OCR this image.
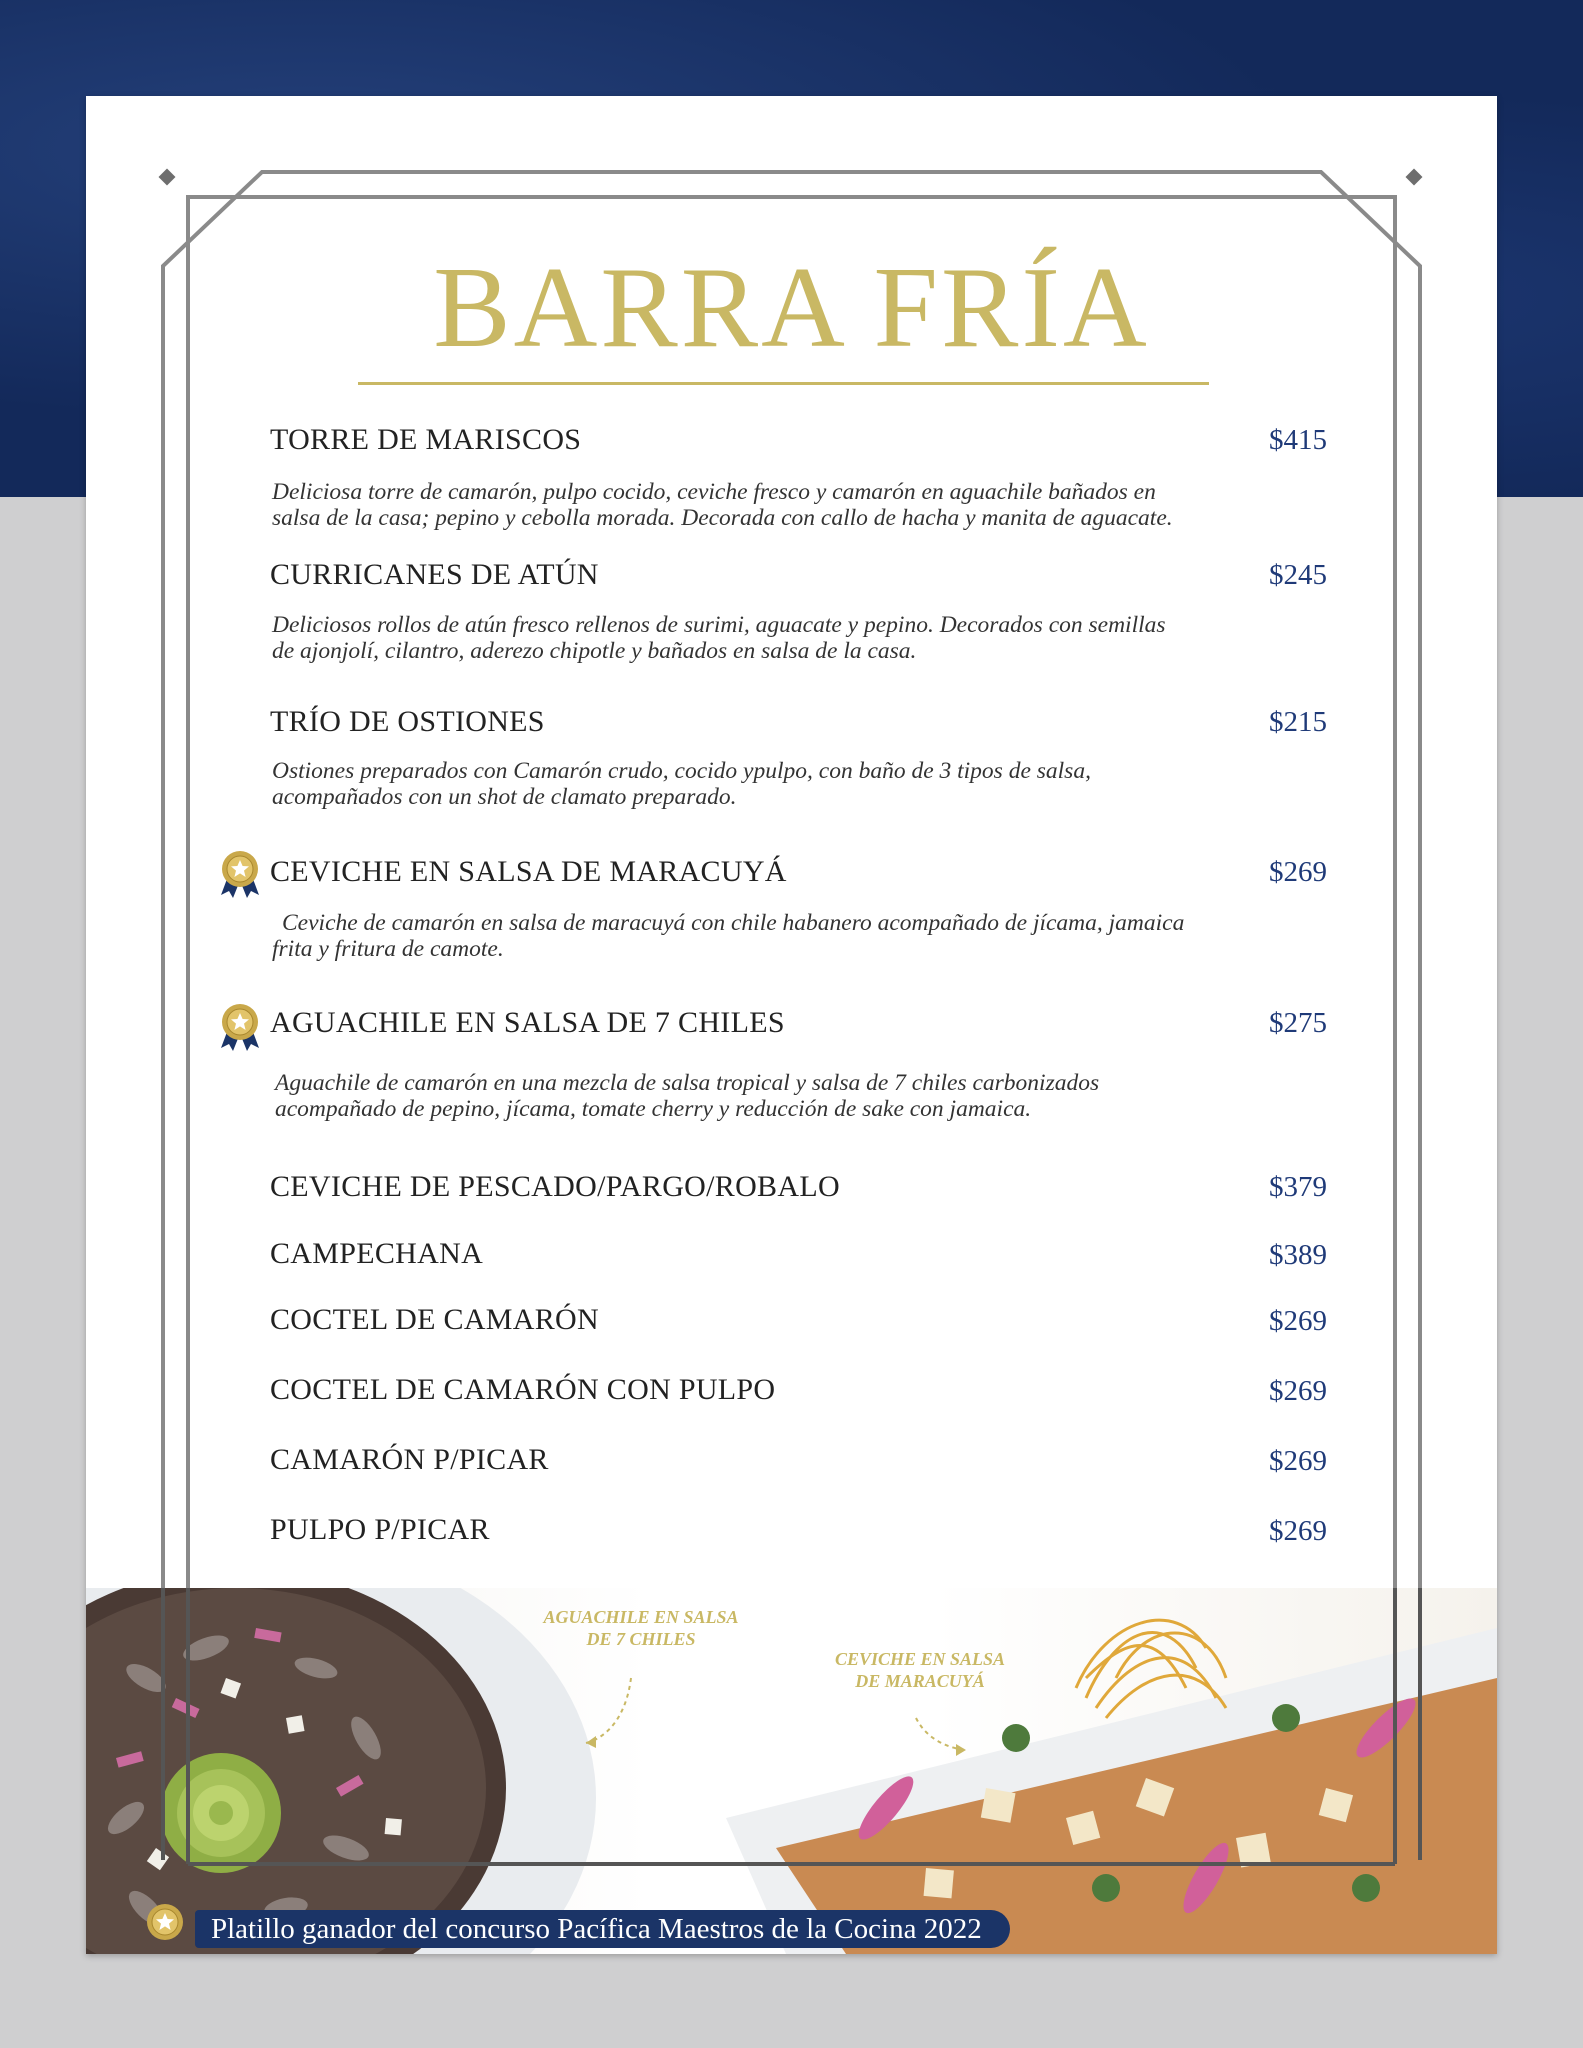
BARRA FRÍA
TORRE DE MARISCOS	$415
Deliciosa torre de camarón, pulpo cocido, ceviche fresco y camarón en aguachile bañados en
salsa de la casa; pepino y cebolla morada. Decorada con callo de hacha y manita de aguacate.
CURRICANES DE ATÚN	$245
Deliciosos rollos de atún fresco rellenos de surimi, aguacate y pepino. Decorados con semillas
de ajonjolí, cilantro, aderezo chipotle y bañados en salsa de la casa.
TRÍO DE OSTIONES	$215
Ostiones preparados con Camarón crudo, cocido ypulpo, con baño de 3 tipos de salsa,
acompañados con un shot de clamato preparado.
CEVICHE EN SALSA DE MARACUYÁ	$269
Ceviche de camarón en salsa de maracuyá con chile habanero acompañado de jícama, jamaica
frita y fritura de camote.
AGUACHILE EN SALSA DE 7 CHILES	$275
Aguachile de camarón en una mezcla de salsa tropical y salsa de 7 chiles carbonizados
acompañado de pepino, jícama, tomate cherry y reducción de sake con jamaica.
CEVICHE DE PESCADO/PARGO/ROBALO	$379
CAMPECHANA	$389
COCTEL DE CAMARÓN	$269
COCTEL DE CAMARÓN CON PULPO	$269
CAMARÓN P/PICAR	$269
PULPO P/PICAR	$269
AGUACHILE EN SALSA
DE 7 CHILES
CEVICHE EN SALSA
DE MARACUYÁ
Platillo ganador del concurso Pacífica Maestros de la Cocina 2022
